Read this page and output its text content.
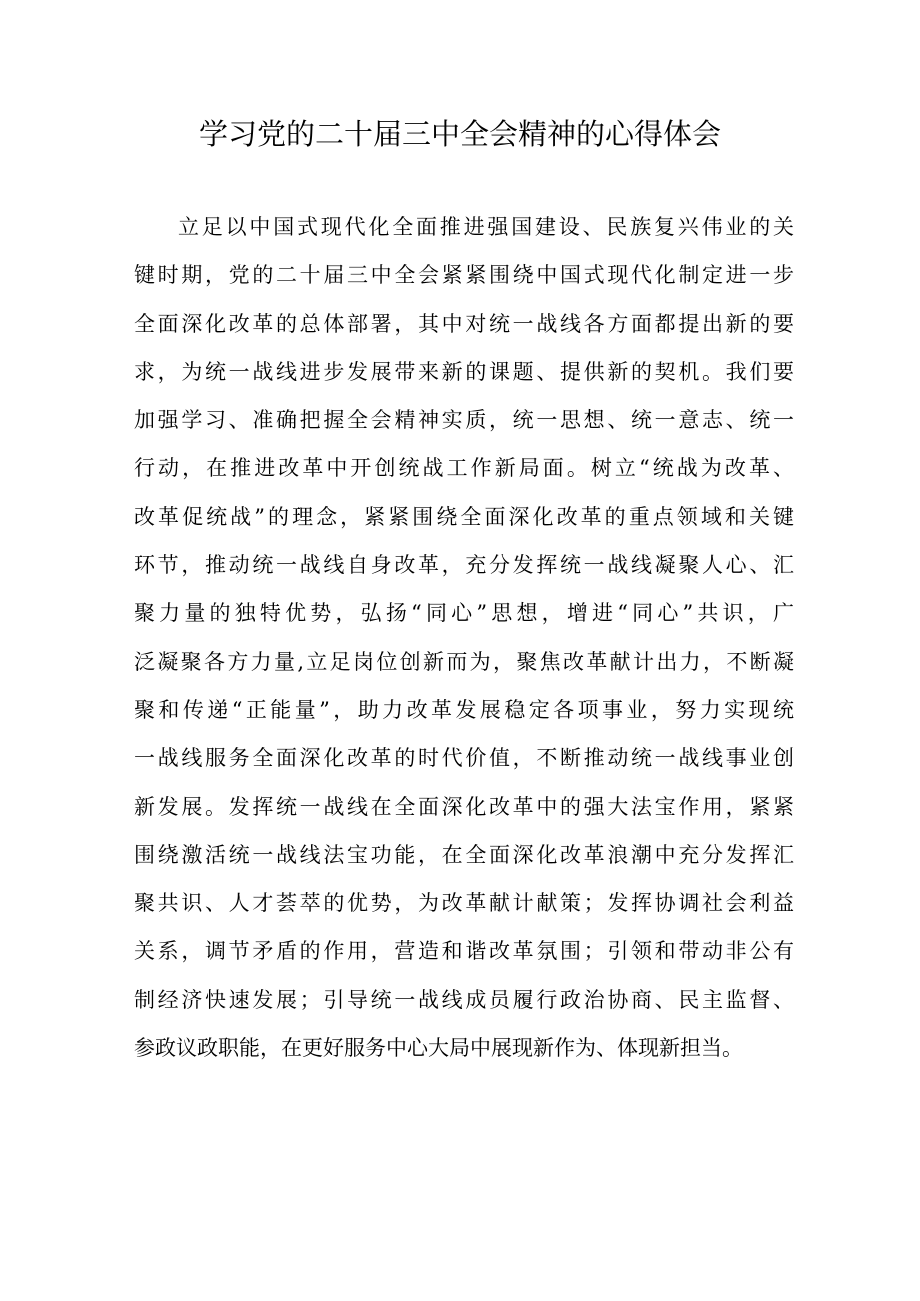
学习党的二十届三中全会精神的心得体会
立足以中国式现代化全面推进强国建设、民族复兴伟业的关
键时期，党的二十届三中全会紧紧围绕中国式现代化制定进一步
全面深化改革的总体部署，其中对统一战线各方面都提出新的要
求，为统一战线进步发展带来新的课题、提供新的契机。我们要
加强学习、准确把握全会精神实质，统一思想、统一意志、统一
行动，在推进改革中开创统战工作新局面。树立“统战为改革、
改革促统战”的理念，紧紧围绕全面深化改革的重点领域和关键
环节，推动统一战线自身改革，充分发挥统一战线凝聚人心、汇
聚力量的独特优势，弘扬“同心”思想，增进“同心”共识，广
泛凝聚各方力量,立足岗位创新而为，聚焦改革献计出力，不断凝
聚和传递“正能量”，助力改革发展稳定各项事业，努力实现统
一战线服务全面深化改革的时代价值，不断推动统一战线事业创
新发展。发挥统一战线在全面深化改革中的强大法宝作用，紧紧
围绕激活统一战线法宝功能，在全面深化改革浪潮中充分发挥汇
聚共识、人才荟萃的优势，为改革献计献策；发挥协调社会利益
关系，调节矛盾的作用，营造和谐改革氛围；引领和带动非公有
制经济快速发展；引导统一战线成员履行政治协商、民主监督、
参政议政职能，在更好服务中心大局中展现新作为、体现新担当。
